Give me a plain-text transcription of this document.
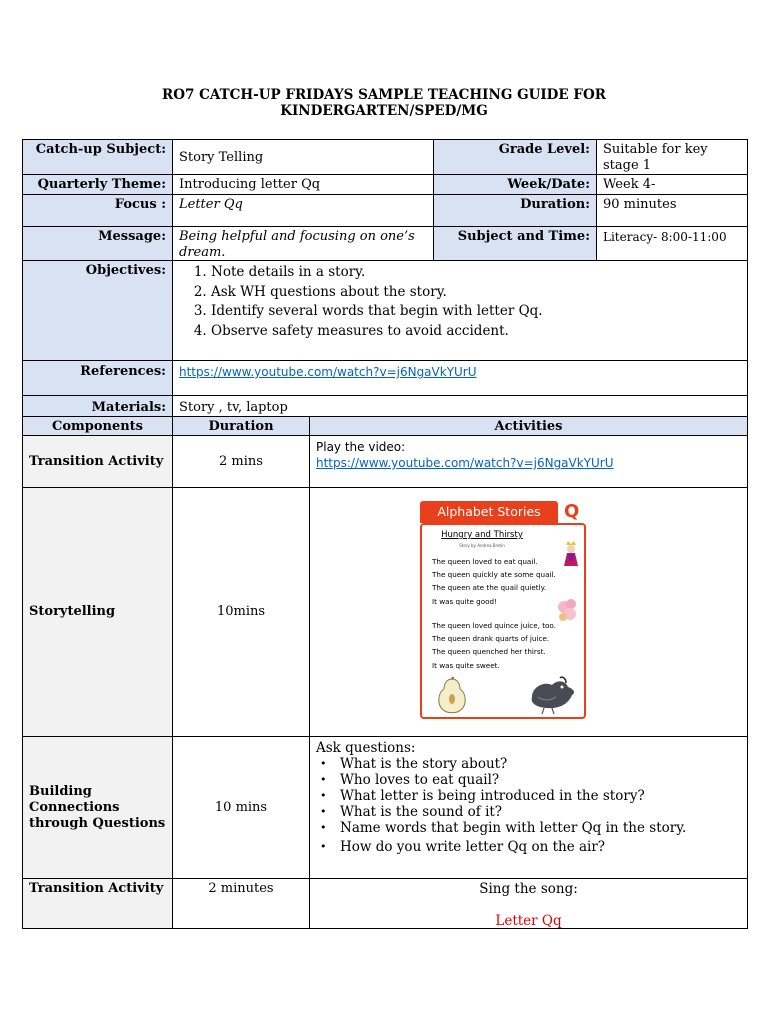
RO7 CATCH-UP FRIDAYS SAMPLE TEACHING GUIDE FOR
KINDERGARTEN/SPED/MG
Catch-up Subject:
Story Telling
Grade Level:	Suitable for key stage 1
Quarterly Theme:	Introducing letter Qq	Week/Date:	Week 4-
Focus :	Letter Qq	Duration:	90 minutes
Message:	Being helpful and focusing on one’s dream.
Subject and Time:	Literacy- 8:00-11:00
Objectives:
1.	Note details in a story.
2. Ask WH questions about the story.
3. Identify several words that begin with letter Qq.
4. Observe safety measures to avoid accident.
References:	https://www.youtube.com/watch?v=j6NgaVkYUrU
Materials:	Story , tv, laptop
Components	Duration	Activities
Transition Activity	2 mins
Play the video:
https://www.youtube.com/watch?v=j6NgaVkYUrU
Storytelling	10mins
Alphabet Stories	Q
Hungry and Thirsty
Story by Andrea Bretin
The queen loved to eat quail.
The queen quickly ate some quail.
The queen ate the quail quietly.
It was quite good!
The queen loved quince juice, too.
The queen drank quarts of juice.
The queen quenched her thirst.
It was quite sweet.
Building Connections through Questions
10 mins
Ask questions:
• What is the story about?
• Who loves to eat quail?
• What letter is being introduced in the story?
• What is the sound of it?
• Name words that begin with letter Qq in the story.
• How do you write letter Qq on the air?
Transition Activity	2 minutes	Sing the song:
Letter Qq
